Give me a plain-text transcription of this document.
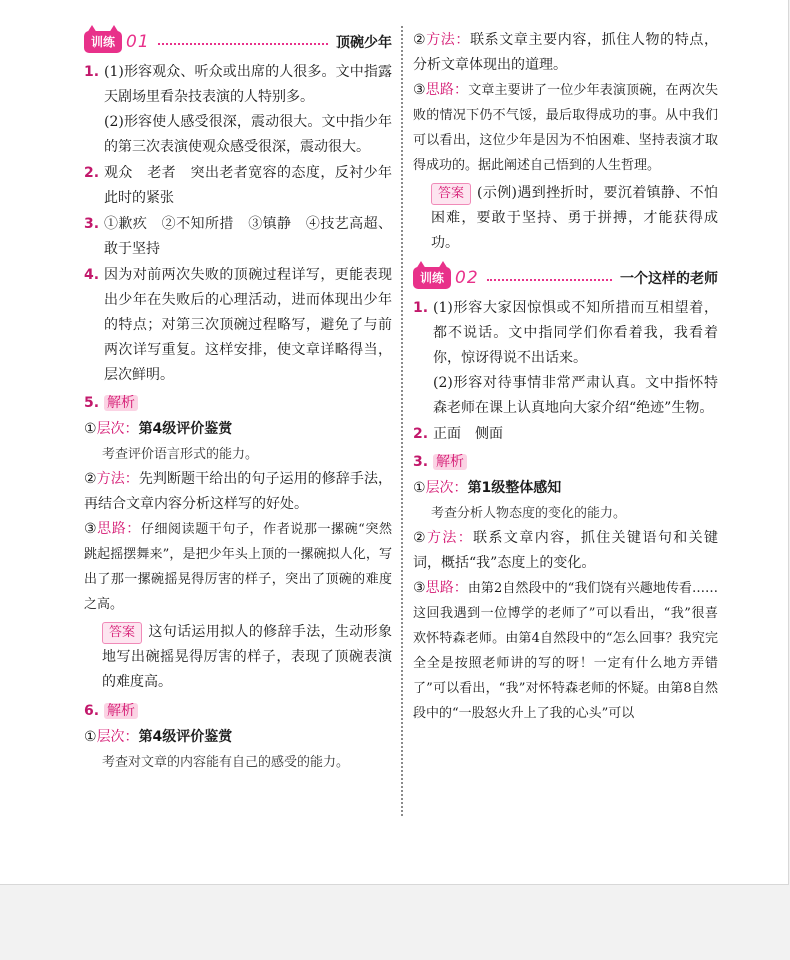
训练 01	顶碗少年
1. (1)形容观众、听众或出席的人很多。文中指露天剧场里看杂技表演的人特别多。

(2)形容使人感受很深，震动很大。文中指少年的第三次表演使观众感受很深，震动很大。

2. 观众　老者　突出老者宽容的态度，反衬少年此时的紧张

3. ①歉疚　②不知所措　③镇静　④技艺高超、敢于坚持

4. 因为对前两次失败的顶碗过程详写，更能表现出少年在失败后的心理活动，进而体现出少年的特点；对第三次顶碗过程略写，避免了与前两次详写重复。这样安排，使文章详略得当，层次鲜明。

5. 解析
①层次：第4级评价鉴赏
考查评价语言形式的能力。
②方法：先判断题干给出的句子运用的修辞手法，再结合文章内容分析这样写的好处。
③思路：仔细阅读题干句子，作者说那一摞碗“突然跳起摇摆舞来”，是把少年头上顶的一摞碗拟人化，写出了那一摞碗摇晃得厉害的样子，突出了顶碗的难度之高。
答案 这句话运用拟人的修辞手法，生动形象地写出碗摇晃得厉害的样子，表现了顶碗表演的难度高。
6. 解析
①层次：第4级评价鉴赏
考查对文章的内容能有自己的感受的能力。
②方法：联系文章主要内容，抓住人物的特点，分析文章体现出的道理。
③思路：文章主要讲了一位少年表演顶碗，在两次失败的情况下仍不气馁，最后取得成功的事。从中我们可以看出，这位少年是因为不怕困难、坚持表演才取得成功的。据此阐述自己悟到的人生哲理。
答案 (示例)遇到挫折时，要沉着镇静、不怕困难，要敢于坚持、勇于拼搏，才能获得成功。
训练 02	一个这样的老师
1. (1)形容大家因惊惧或不知所措而互相望着，都不说话。文中指同学们你看着我，我看着你，惊讶得说不出话来。

(2)形容对待事情非常严肃认真。文中指怀特森老师在课上认真地向大家介绍“绝迹”生物。

2. 正面　侧面

3. 解析
①层次：第1级整体感知
考查分析人物态度的变化的能力。
②方法：联系文章内容，抓住关键语句和关键词，概括“我”态度上的变化。
③思路：由第2自然段中的“我们饶有兴趣地传看……这回我遇到一位博学的老师了”可以看出，“我”很喜欢怀特森老师。由第4自然段中的“怎么回事？我究完全全是按照老师讲的写的呀！一定有什么地方弄错了”可以看出，“我”对怀特森老师的怀疑。由第8自然段中的“一股怒火升上了我的心头”可以
